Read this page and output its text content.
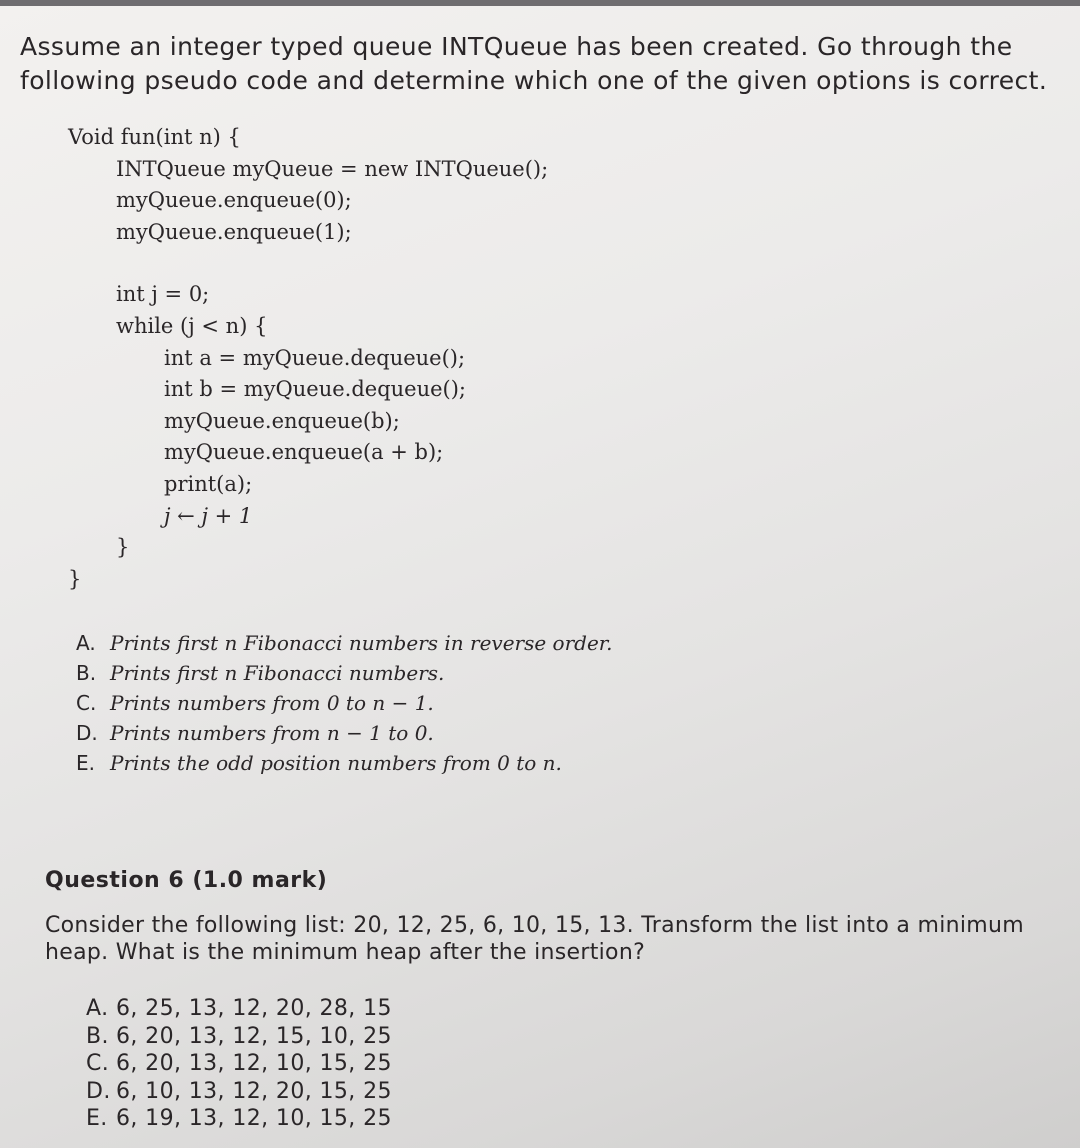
Assume an integer typed queue INTQueue has been created. Go through the following pseudo code and determine which one of the given options is correct.

Void fun(int n) {
INTQueue myQueue = new INTQueue();
myQueue.enqueue(0);
myQueue.enqueue(1);
int j = 0;
while (j < n) {
int a = myQueue.dequeue();
int b = myQueue.dequeue();
myQueue.enqueue(b);
myQueue.enqueue(a + b);
print(a);
j ← j + 1
}
}
A. Prints first n Fibonacci numbers in reverse order.
B. Prints first n Fibonacci numbers.
C. Prints numbers from 0 to n − 1.
D. Prints numbers from n − 1 to 0.
E. Prints the odd position numbers from 0 to n.
Question 6 (1.0 mark)

Consider the following list: 20, 12, 25, 6, 10, 15, 13. Transform the list into a minimum heap. What is the minimum heap after the insertion?

A. 6, 25, 13, 12, 20, 28, 15
B. 6, 20, 13, 12, 15, 10, 25
C. 6, 20, 13, 12, 10, 15, 25
D. 6, 10, 13, 12, 20, 15, 25
E. 6, 19, 13, 12, 10, 15, 25
